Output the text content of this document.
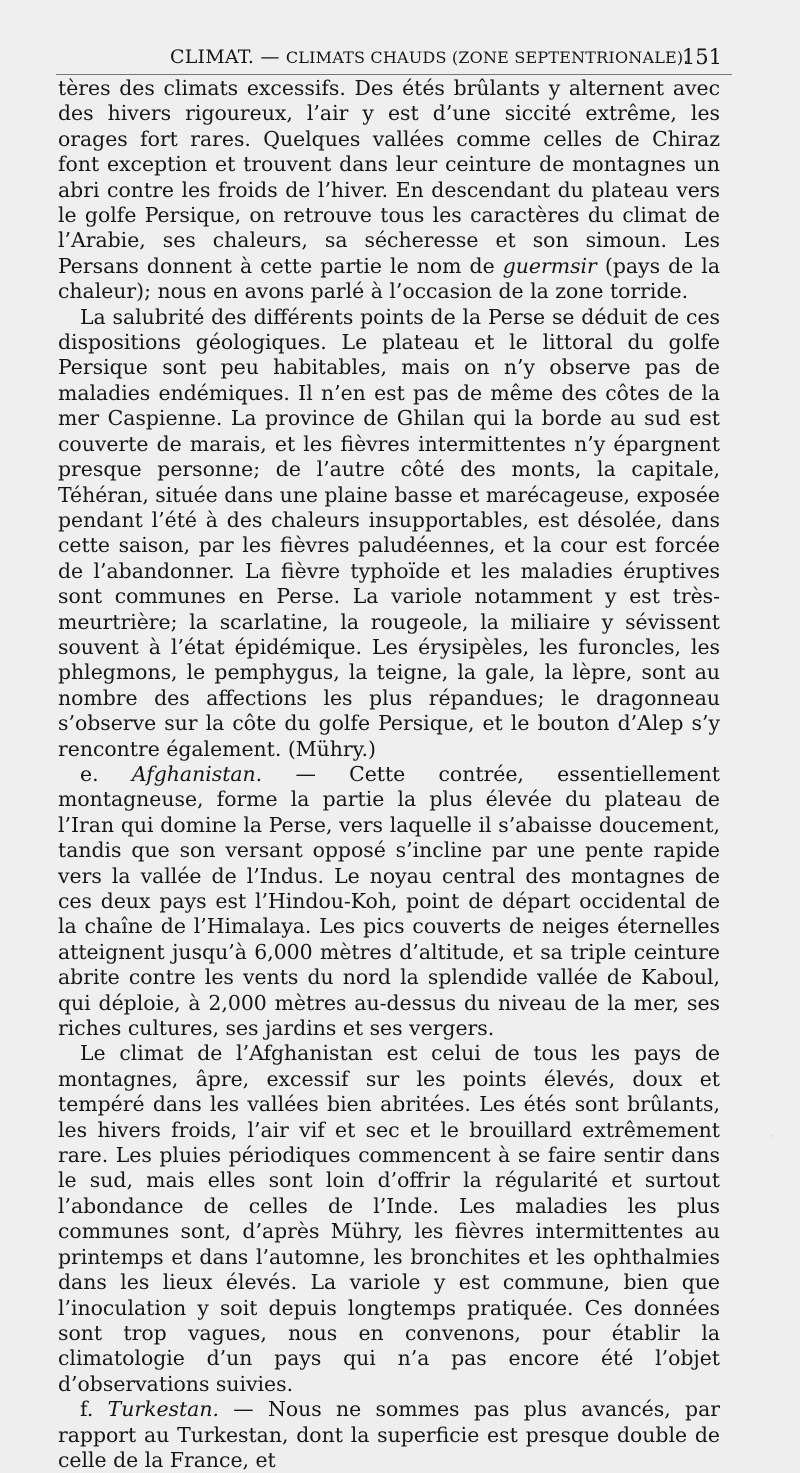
CLIMAT. — CLIMATS CHAUDS (ZONE SEPTENTRIONALE).
151

tères des climats excessifs. Des étés brûlants y alternent avec des hivers rigoureux, l’air y est d’une siccité extrême, les orages fort rares. Quelques vallées comme celles de Chiraz font exception et trouvent dans leur ceinture de montagnes un abri contre les froids de l’hiver. En descendant du plateau vers le golfe Persique, on retrouve tous les caractères du climat de l’Arabie, ses chaleurs, sa sécheresse et son simoun. Les Persans donnent à cette partie le nom de guermsir (pays de la chaleur); nous en avons parlé à l’occasion de la zone torride.

La salubrité des différents points de la Perse se déduit de ces dispositions géologiques. Le plateau et le littoral du golfe Persique sont peu habitables, mais on n’y observe pas de maladies endémiques. Il n’en est pas de même des côtes de la mer Caspienne. La province de Ghilan qui la borde au sud est couverte de marais, et les fièvres intermittentes n’y épargnent presque personne; de l’autre côté des monts, la capitale, Téhéran, située dans une plaine basse et marécageuse, exposée pendant l’été à des chaleurs insupportables, est désolée, dans cette saison, par les fièvres paludéennes, et la cour est forcée de l’abandonner. La fièvre typhoïde et les maladies éruptives sont communes en Perse. La variole notamment y est très-meurtrière; la scarlatine, la rougeole, la miliaire y sévissent souvent à l’état épidémique. Les érysipèles, les furoncles, les phlegmons, le pemphygus, la teigne, la gale, la lèpre, sont au nombre des affections les plus répandues; le dragonneau s’observe sur la côte du golfe Persique, et le bouton d’Alep s’y rencontre également. (Mühry.)

e. Afghanistan. — Cette contrée, essentiellement montagneuse, forme la partie la plus élevée du plateau de l’Iran qui domine la Perse, vers laquelle il s’abaisse doucement, tandis que son versant opposé s’incline par une pente rapide vers la vallée de l’Indus. Le noyau central des montagnes de ces deux pays est l’Hindou-Koh, point de départ occidental de la chaîne de l’Himalaya. Les pics couverts de neiges éternelles atteignent jusqu’à 6,000 mètres d’altitude, et sa triple ceinture abrite contre les vents du nord la splendide vallée de Kaboul, qui déploie, à 2,000 mètres au-dessus du niveau de la mer, ses riches cultures, ses jardins et ses vergers.

Le climat de l’Afghanistan est celui de tous les pays de montagnes, âpre, excessif sur les points élevés, doux et tempéré dans les vallées bien abritées. Les étés sont brûlants, les hivers froids, l’air vif et sec et le brouillard extrêmement rare. Les pluies périodiques commencent à se faire sentir dans le sud, mais elles sont loin d’offrir la régularité et surtout l’abondance de celles de l’Inde. Les maladies les plus communes sont, d’après Mühry, les fièvres intermittentes au printemps et dans l’automne, les bronchites et les ophthalmies dans les lieux élevés. La variole y est commune, bien que l’inoculation y soit depuis longtemps pratiquée. Ces données sont trop vagues, nous en convenons, pour établir la climatologie d’un pays qui n’a pas encore été l’objet d’observations suivies.

f. Turkestan. — Nous ne sommes pas plus avancés, par rapport au Turkestan, dont la superficie est presque double de celle de la France, et

.
